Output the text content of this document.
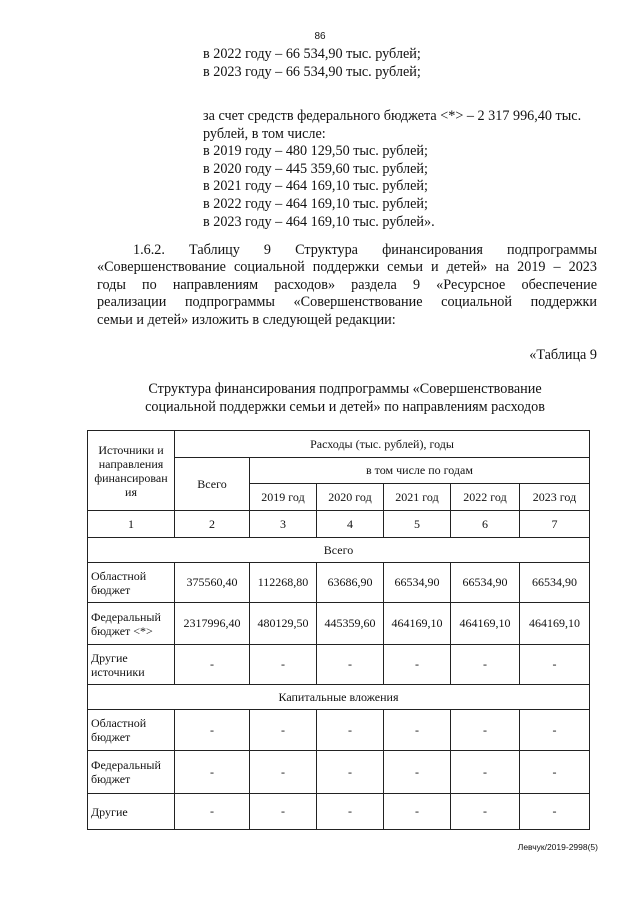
86
в 2022 году – 66 534,90 тыс. рублей;
в 2023 году – 66 534,90 тыс. рублей;
за счет средств федерального бюджета <*> – 2 317 996,40 тыс.
рублей, в том числе:
в 2019 году – 480 129,50 тыс. рублей;
в 2020 году – 445 359,60 тыс. рублей;
в 2021 году – 464 169,10 тыс. рублей;
в 2022 году – 464 169,10 тыс. рублей;
в 2023 году – 464 169,10 тыс. рублей».
1.6.2. Таблицу 9 Структура финансирования подпрограммы
«Совершенствование социальной поддержки семьи и детей» на 2019 – 2023
годы по направлениям расходов» раздела 9 «Ресурсное обеспечение
реализации подпрограммы «Совершенствование социальной поддержки
семьи и детей» изложить в следующей редакции:
«Таблица 9
Структура финансирования подпрограммы «Совершенствование
социальной поддержки семьи и детей» по направлениям расходов
Источники и направления финансирован ия	Расходы (тыс. рублей), годы					
	Всего	в том числе по годам				
		2019 год	2020 год	2021 год	2022 год	2023 год
1	2	3	4	5	6	7
Всего						
Областной бюджет	375560,40	112268,80	63686,90	66534,90	66534,90	66534,90
Федеральный бюджет <*>	2317996,40	480129,50	445359,60	464169,10	464169,10	464169,10
Другие источники	-	-	-	-	-	-
Капитальные вложения						
Областной бюджет	-	-	-	-	-	-
Федеральный бюджет	-	-	-	-	-	-
Другие	-	-	-	-	-	-
Левчук/2019-2998(5)
